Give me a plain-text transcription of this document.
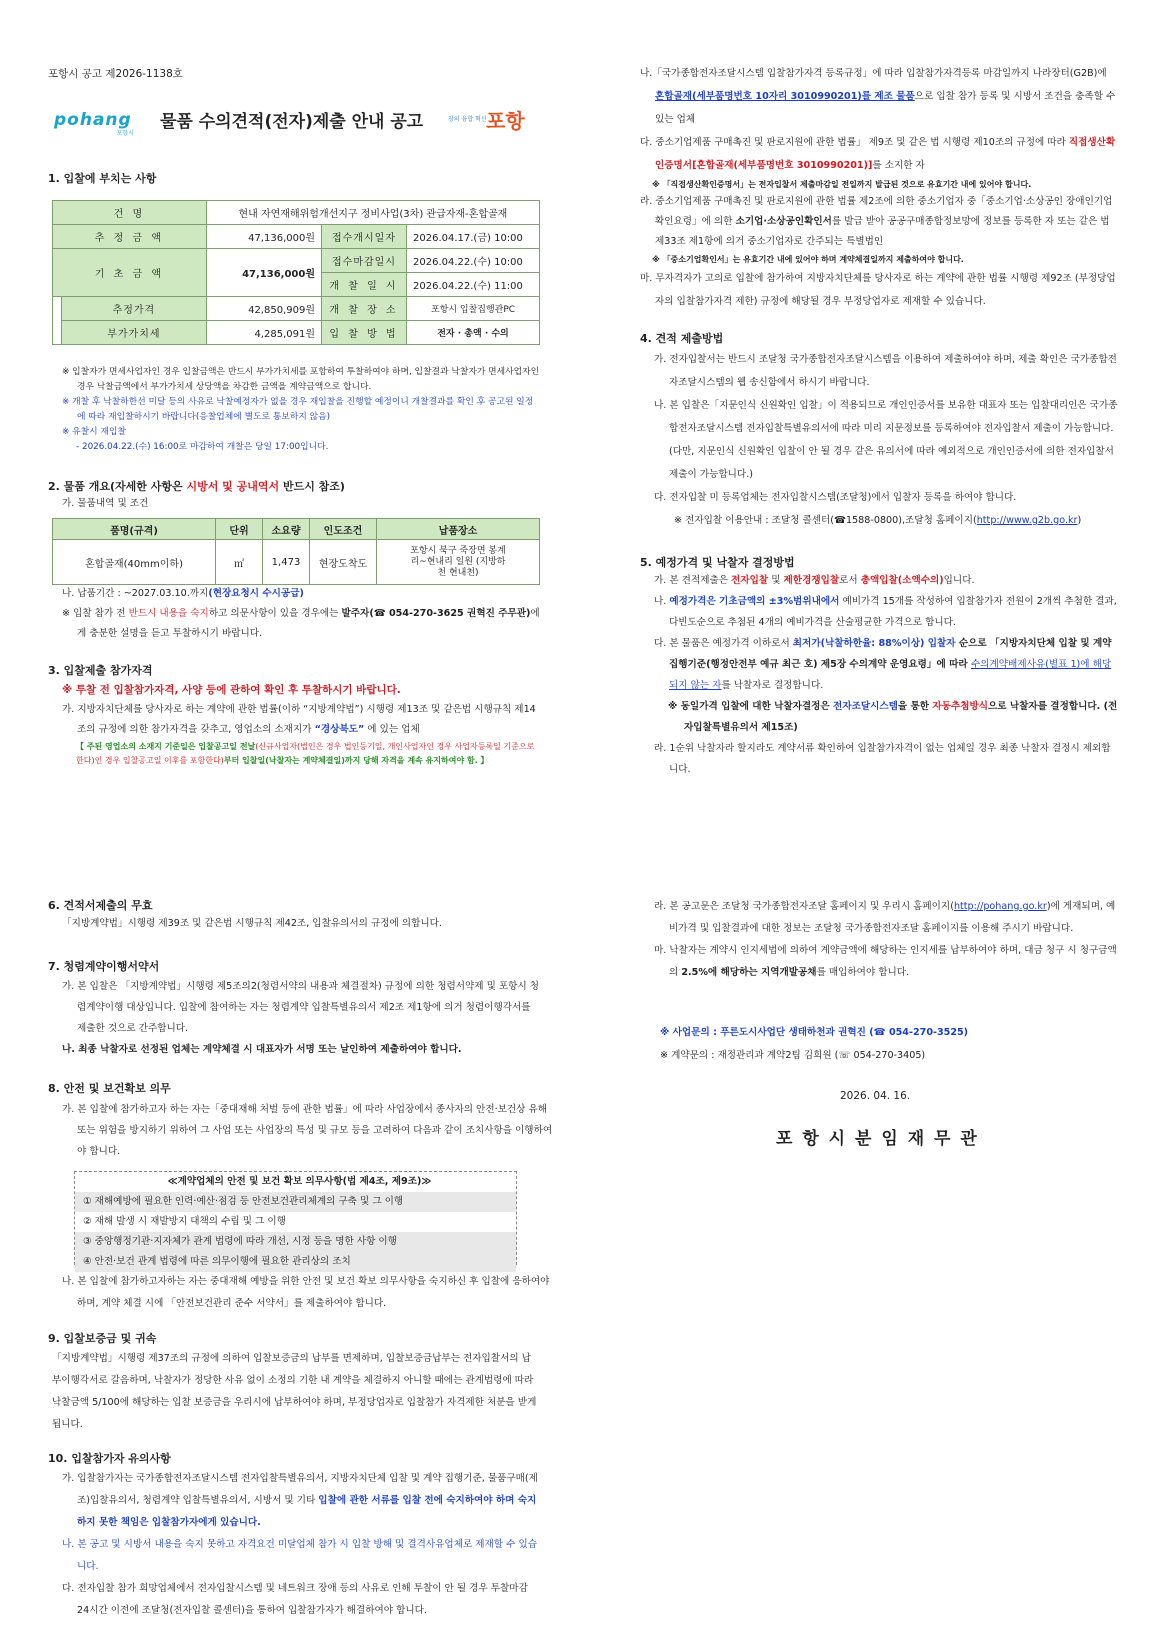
포항시 공고 제2026-1138호

pohang
포항시
물품 수의견적(전자)제출 안내 공고	창의 융합 혁신 포항

1. 입찰에 부치는 사항

건 명		현내 자연재해위험개선지구 정비사업(3차) 관급자재-혼합골재		
추 정 금 액		47,136,000원	접수개시일자	2026.04.17.(금) 10:00
기 초 금 액		47,136,000원	접수마감일시	2026.04.22.(수) 10:00
			개 찰 일 시	2026.04.22.(수) 11:00
	추정가격	42,850,909원	개 찰 장 소	포항시 입찰집행관PC
	부가가치세	4,285,091원	입 찰 방 법	전자 · 총액 · 수의

※ 입찰자가 면세사업자인 경우 입찰금액은 반드시 부가가치세를 포함하여 투찰하여야 하며, 입찰결과 낙찰자가 면세사업자인 경우 낙찰금액에서 부가가치세 상당액을 차감한 금액을 계약금액으로 합니다.

※ 개찰 후 낙찰하한선 미달 등의 사유로 낙찰예정자가 없을 경우 재입찰을 진행할 예정이니 개찰결과를 확인 후 공고된 일정에 따라 재입찰하시기 바랍니다(응찰업체에 별도로 통보하지 않음)

※ 유찰시 재입찰

- 2026.04.22.(수) 16:00로 마감하여 개찰은 당일 17:00입니다.

2. 물품 개요(자세한 사항은 시방서 및 공내역서 반드시 참조)

가. 물품내역 및 조건

품명(규격)	단위	소요량	인도조건	납품장소
혼합골재(40mm이하)	㎥	1,473	현장도착도	포항시 북구 죽장면 봉계리~현내리 일원 (지방하천 현내천)

나. 납품기간 : ~2027.03.10.까지(현장요청시 수시공급)

※ 입찰 참가 전 반드시 내용을 숙지하고 의문사항이 있을 경우에는 발주자(☎ 054-270-3625 권혁진 주무관)에게 충분한 설명을 듣고 투찰하시기 바랍니다.

3. 입찰제출 참가자격

※ 투찰 전 입찰참가자격, 사양 등에 관하여 확인 후 투찰하시기 바랍니다.

가. 지방자치단체를 당사자로 하는 계약에 관한 법률(이하 “지방계약법”) 시행령 제13조 및 같은법 시행규칙 제14조의 규정에 의한 참가자격을 갖추고, 영업소의 소재지가 “경상북도” 에 있는 업체

【 주된 영업소의 소재지 기준일은 입찰공고일 전날(신규사업자(법인은 경우 법인등기일, 개인사업자인 경우 사업자등록일 기준으로 한다)인 경우 입찰공고일 이후를 포함한다)부터 입찰일(낙찰자는 계약체결일)까지 당해 자격을 계속 유지하여야 함. 】

나.「국가종합전자조달시스템 입찰참가자격 등록규정」에 따라 입찰참가자격등록 마감일까지 나라장터(G2B)에 혼합골재(세부품명번호 10자리 3010990201)를 제조 물품으로 입찰 참가 등록 및 시방서 조건을 충족할 수 있는 업체

다. 중소기업제품 구매촉진 및 판로지원에 관한 법률」 제9조 및 같은 법 시행령 제10조의 규정에 따라 직접생산확인증명서[혼합골재(세부품명번호 3010990201)]를 소지한 자

※ 「직접생산확인증명서」는 전자입찰서 제출마감일 전일까지 발급된 것으로 유효기간 내에 있어야 합니다.

라. 중소기업제품 구매촉진 및 판로지원에 관한 법률 제2조에 의한 중소기업자 중「중소기업·소상공인 장애인기업 확인요령」에 의한 소기업·소상공인확인서를 발급 받아 공공구매종합정보망에 정보를 등록한 자 또는 같은 법 제33조 제1항에 의거 중소기업자로 간주되는 특별법인

※ 「중소기업확인서」는 유효기간 내에 있어야 하며 계약체결일까지 제출하여야 합니다.

마. 무자격자가 고의로 입찰에 참가하여 지방자치단체를 당사자로 하는 계약에 관한 법률 시행령 제92조 (부정당업자의 입찰참가자격 제한) 규정에 해당될 경우 부정당업자로 제재할 수 있습니다.

4. 견적 제출방법

가. 전자입찰서는 반드시 조달청 국가종합전자조달시스템을 이용하여 제출하여야 하며, 제출 확인은 국가종합전자조달시스템의 웹 송신함에서 하시기 바랍니다.

나. 본 입찰은「지문인식 신원확인 입찰」이 적용되므로 개인인증서를 보유한 대표자 또는 입찰대리인은 국가종합전자조달시스템 전자입찰특별유의서에 따라 미리 지문정보를 등록하여야 전자입찰서 제출이 가능합니다.(다만, 지문인식 신원확인 입찰이 안 될 경우 같은 유의서에 따라 예외적으로 개인인증서에 의한 전자입찰서 제출이 가능합니다.)

다. 전자입찰 미 등록업체는 전자입찰시스템(조달청)에서 입찰자 등록을 하여야 합니다.

※ 전자입찰 이용안내 : 조달청 콜센터(☎1588-0800),조달청 홈페이지(http://www.g2b.go.kr)

5. 예정가격 및 낙찰자 결정방법

가. 본 견적제출은 전자입찰 및 제한경쟁입찰로서 총액입찰(소액수의)입니다.

나. 예정가격은 기초금액의 ±3%범위내에서 예비가격 15개를 작성하여 입찰참가자 전원이 2개씩 추첨한 결과, 다빈도순으로 추첨된 4개의 예비가격을 산술평균한 가격으로 합니다.

다. 본 물품은 예정가격 이하로서 최저가(낙찰하한율: 88%이상) 입찰자 순으로 「지방자치단체 입찰 및 계약 집행기준(행정안전부 예규 최근 호) 제5장 수의계약 운영요령」에 따라 수의계약배제사유(별표 1)에 해당되지 않는 자를 낙찰자로 결정합니다.

※ 동일가격 입찰에 대한 낙찰자결정은 전자조달시스템을 통한 자동추첨방식으로 낙찰자를 결정합니다. (전자입찰특별유의서 제15조)

라. 1순위 낙찰자라 할지라도 계약서류 확인하여 입찰참가자격이 없는 업체일 경우 최종 낙찰자 결정시 제외합니다.

6. 견적서제출의 무효

「지방계약법」시행령 제39조 및 같은법 시행규칙 제42조, 입찰유의서의 규정에 의합니다.

7. 청렴계약이행서약서

가. 본 입찰은 「지방계약법」시행령 제5조의2(청렴서약의 내용과 체결절차) 규정에 의한 청렴서약제 및 포항시 청렴계약이행 대상입니다. 입찰에 참여하는 자는 청렴계약 입찰특별유의서 제2조 제1항에 의거 청렴이행각서를 제출한 것으로 간주합니다.

나. 최종 낙찰자로 선정된 업체는 계약체결 시 대표자가 서명 또는 날인하여 제출하여야 합니다.

8. 안전 및 보건확보 의무

가. 본 입찰에 참가하고자 하는 자는「중대재해 처벌 등에 관한 법률」에 따라 사업장에서 종사자의 안전·보건상 유해 또는 위험을 방지하기 위하여 그 사업 또는 사업장의 특성 및 규모 등을 고려하여 다음과 같이 조치사항을 이행하여야 합니다.

≪계약업체의 안전 및 보건 확보 의무사항(법 제4조, 제9조)≫
① 재해예방에 필요한 인력·예산·점검 등 안전보건관리체계의 구축 및 그 이행
② 재해 발생 시 재발방지 대책의 수립 및 그 이행
③ 중앙행정기관·지자체가 관계 법령에 따라 개선, 시정 등을 명한 사항 이행
④ 안전·보건 관계 법령에 따른 의무이행에 필요한 관리상의 조치

나. 본 입찰에 참가하고자하는 자는 중대재해 예방을 위한 안전 및 보건 확보 의무사항을 숙지하신 후 입찰에 응하여야 하며, 계약 체결 시에 「안전보건관리 준수 서약서」를 제출하여야 합니다.

9. 입찰보증금 및 귀속

「지방계약법」시행령 제37조의 규정에 의하여 입찰보증금의 납부를 면제하며, 입찰보증금납부는 전자입찰서의 납부이행각서로 갈음하며, 낙찰자가 정당한 사유 없이 소정의 기한 내 계약을 체결하지 아니할 때에는 관계법령에 따라 낙찰금액 5/100에 해당하는 입찰 보증금을 우리시에 납부하여야 하며, 부정당업자로 입찰참가 자격제한 처분을 받게 됩니다.

10. 입찰참가자 유의사항

가. 입찰참가자는 국가종합전자조달시스템 전자입찰특별유의서, 지방자치단체 입찰 및 계약 집행기준, 물품구매(제조)입찰유의서, 청렴계약 입찰특별유의서, 시방서 및 기타 입찰에 관한 서류를 입찰 전에 숙지하여야 하며 숙지하지 못한 책임은 입찰참가자에게 있습니다.

나. 본 공고 및 시방서 내용을 숙지 못하고 자격요건 미달업체 참가 시 입찰 방해 및 결격사유업체로 제재할 수 있습니다.

다. 전자입찰 참가 희망업체에서 전자입찰시스템 및 네트워크 장애 등의 사유로 인해 투찰이 안 될 경우 투찰마감 24시간 이전에 조달청(전자입찰 콜센터)을 통하여 입찰참가자가 해결하여야 합니다.

라. 본 공고문은 조달청 국가종합전자조달 홈페이지 및 우리시 홈페이지(http://pohang.go.kr)에 게재되며, 예비가격 및 입찰결과에 대한 정보는 조달청 국가종합전자조달 홈페이지를 이용해 주시기 바랍니다.

마. 낙찰자는 계약시 인지세법에 의하여 계약금액에 해당하는 인지세를 납부하여야 하며, 대금 청구 시 청구금액의 2.5%에 해당하는 지역개발공채를 매입하여야 합니다.

※ 사업문의 : 푸른도시사업단 생태하천과 권혁진 (☎ 054-270-3525)

※ 계약문의 : 재정관리과 계약2팀 김희원 (☏ 054-270-3405)

2026. 04. 16.

포 항 시 분 임 재 무 관
